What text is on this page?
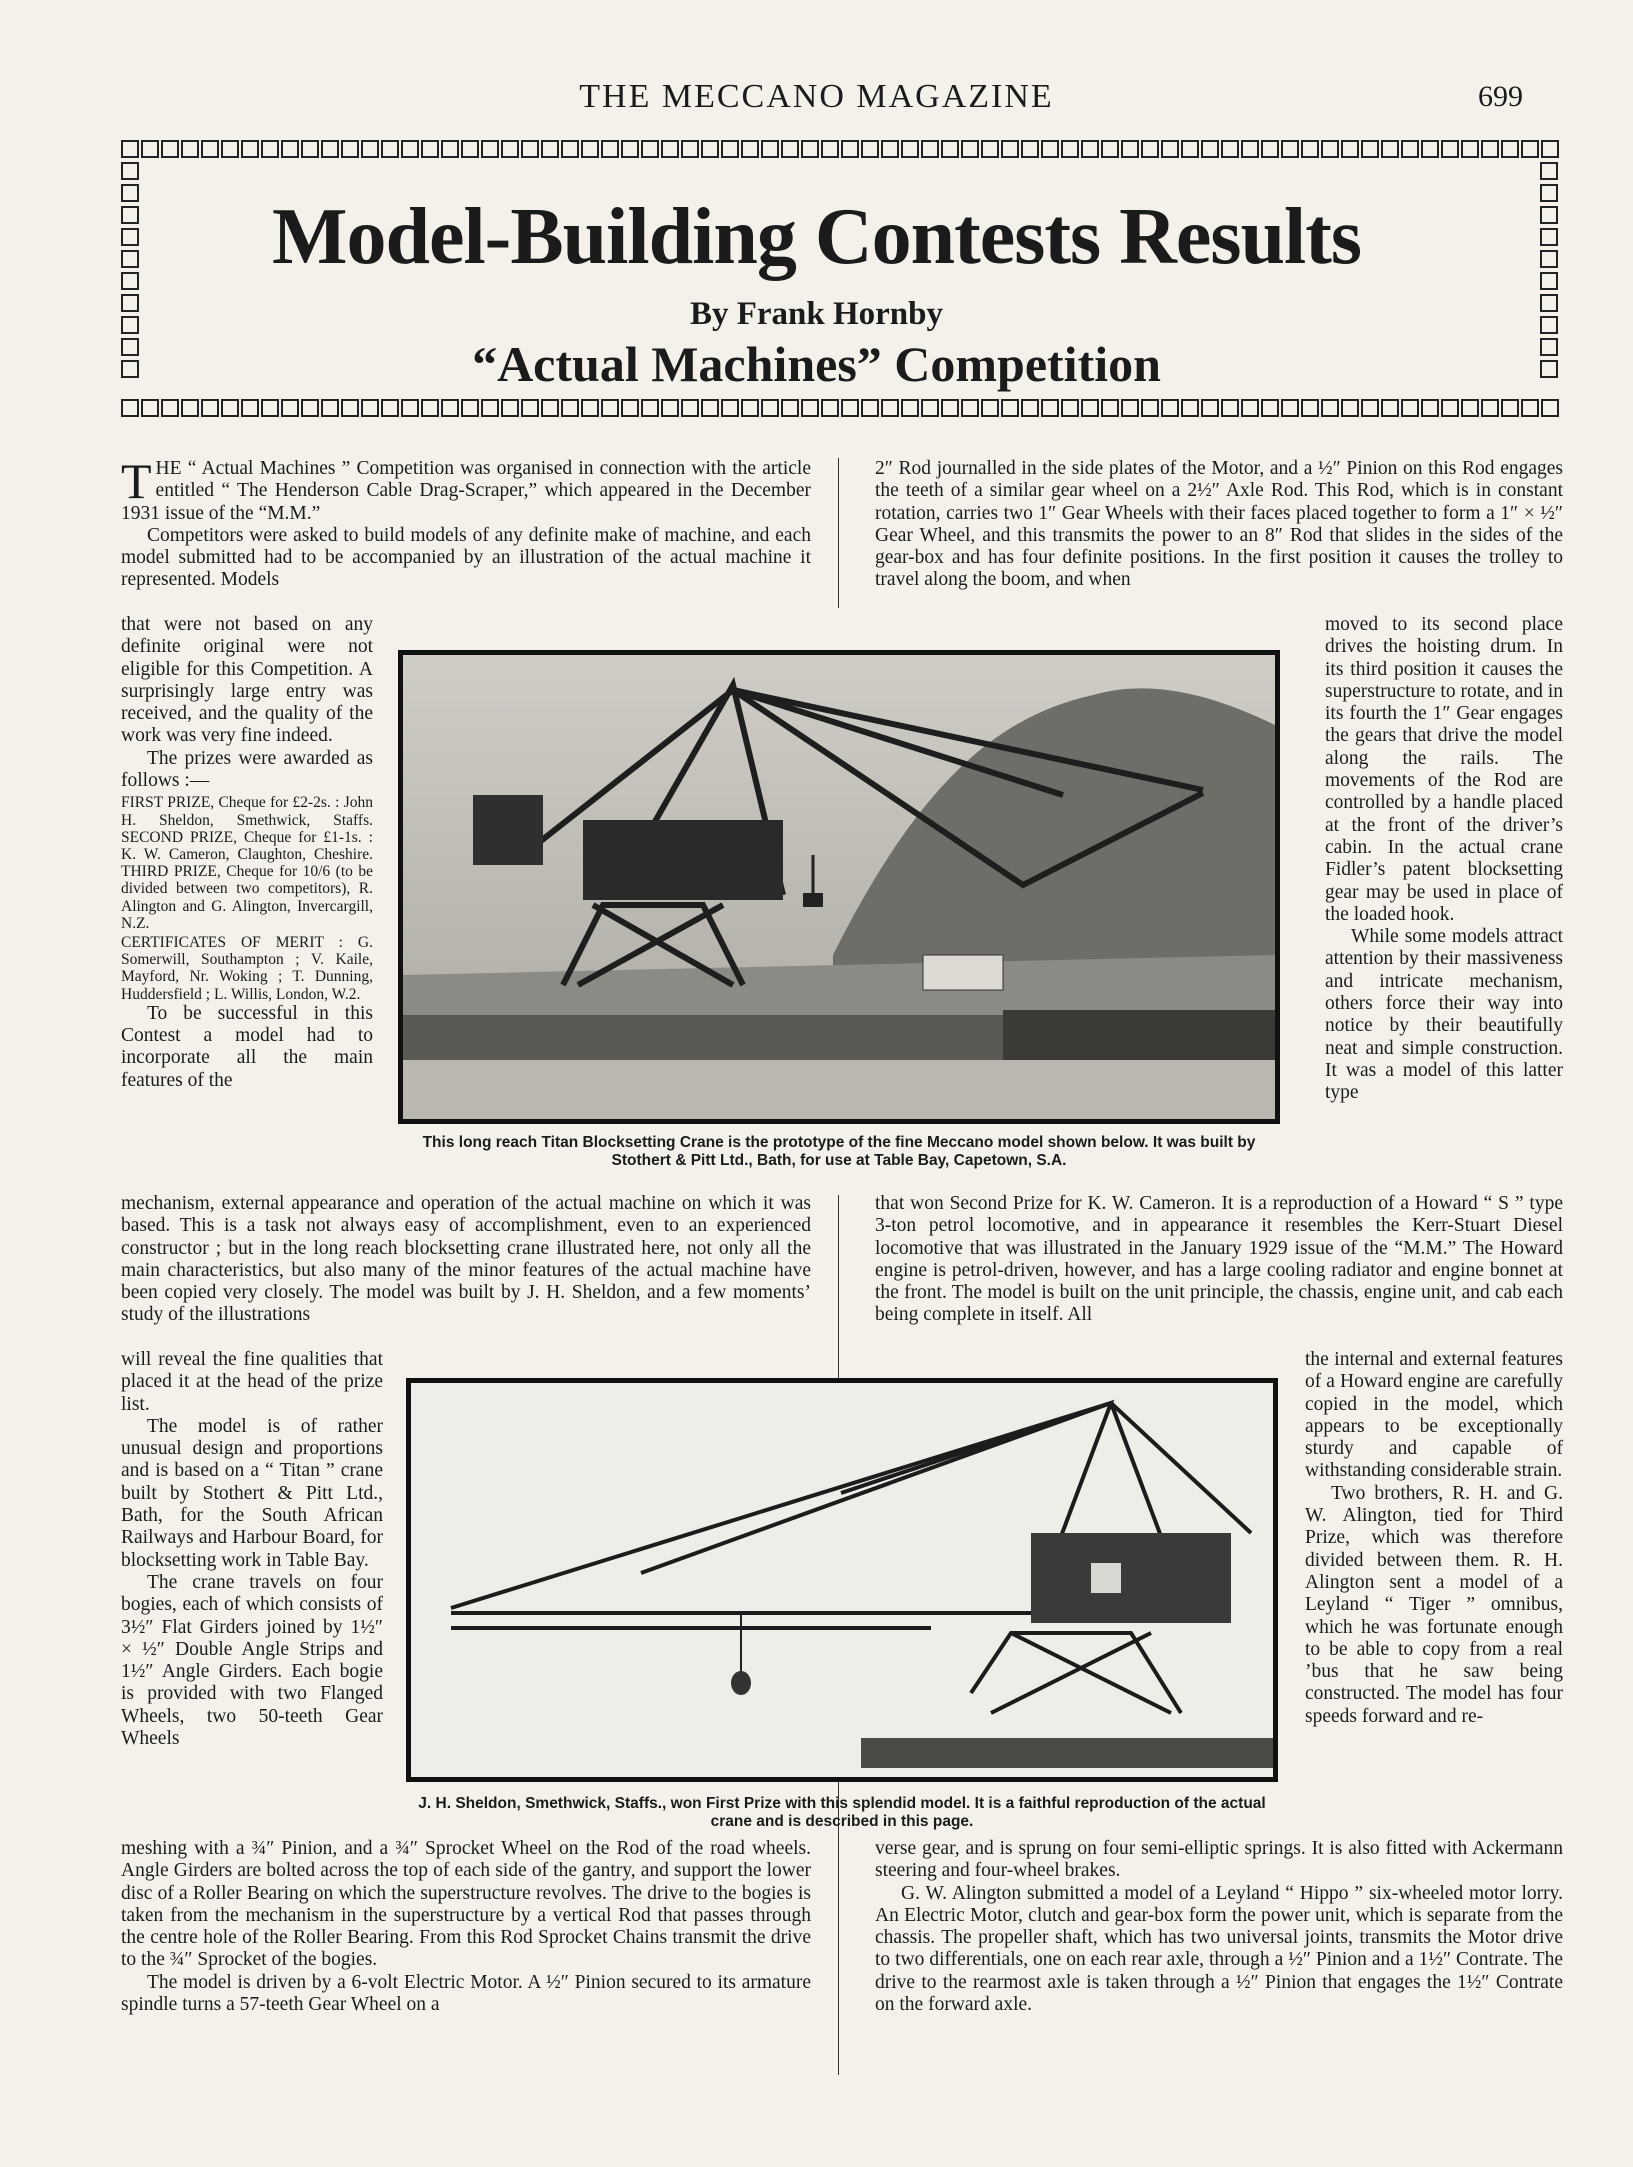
THE MECCANO MAGAZINE	699
Model-Building Contests Results
By Frank Hornby
“Actual Machines” Competition

THE “ Actual Machines ” Competition was organised in connection with the article entitled “ The Henderson Cable Drag-Scraper,” which appeared in the December 1931 issue of the “M.M.”

Competitors were asked to build models of any definite make of machine, and each model submitted had to be accompanied by an illustration of the actual machine it represented. Models

that were not based on any definite original were not eligible for this Competition. A surprisingly large entry was received, and the quality of the work was very fine indeed.

The prizes were awarded as follows :—

FIRST PRIZE, Cheque for £2-2s. : John H. Sheldon, Smethwick, Staffs. SECOND PRIZE, Cheque for £1-1s. : K. W. Cameron, Claughton, Cheshire. THIRD PRIZE, Cheque for 10/6 (to be divided between two competitors), R. Alington and G. Alington, Invercargill, N.Z.

CERTIFICATES OF MERIT : G. Somerwill, Southampton ; V. Kaile, Mayford, Nr. Woking ; T. Dunning, Huddersfield ; L. Willis, London, W.2.

To be successful in this Contest a model had to incorporate all the main features of the

2″ Rod journalled in the side plates of the Motor, and a ½″ Pinion on this Rod engages the teeth of a similar gear wheel on a 2½″ Axle Rod. This Rod, which is in constant rotation, carries two 1″ Gear Wheels with their faces placed together to form a 1″ × ½″ Gear Wheel, and this transmits the power to an 8″ Rod that slides in the sides of the gear-box and has four definite positions. In the first position it causes the trolley to travel along the boom, and when

moved to its second place drives the hoisting drum. In its third position it causes the superstructure to rotate, and in its fourth the 1″ Gear engages the gears that drive the model along the rails. The movements of the Rod are controlled by a handle placed at the front of the driver’s cabin. In the actual crane Fidler’s patent blocksetting gear may be used in place of the loaded hook.

While some models attract attention by their massiveness and intricate mechanism, others force their way into notice by their beautifully neat and simple construction. It was a model of this latter type

This long reach Titan Blocksetting Crane is the prototype of the fine Meccano model shown below. It was built by Stothert & Pitt Ltd., Bath, for use at Table Bay, Capetown, S.A.

mechanism, external appearance and operation of the actual machine on which it was based. This is a task not always easy of accomplishment, even to an experienced constructor ; but in the long reach blocksetting crane illustrated here, not only all the main characteristics, but also many of the minor features of the actual machine have been copied very closely. The model was built by J. H. Sheldon, and a few moments’ study of the illustrations

will reveal the fine qualities that placed it at the head of the prize list.

The model is of rather unusual design and proportions and is based on a “ Titan ” crane built by Stothert & Pitt Ltd., Bath, for the South African Railways and Harbour Board, for blocksetting work in Table Bay.

The crane travels on four bogies, each of which consists of 3½″ Flat Girders joined by 1½″ × ½″ Double Angle Strips and 1½″ Angle Girders. Each bogie is provided with two Flanged Wheels, two 50-teeth Gear Wheels

that won Second Prize for K. W. Cameron. It is a reproduction of a Howard “ S ” type 3-ton petrol locomotive, and in appearance it resembles the Kerr-Stuart Diesel locomotive that was illustrated in the January 1929 issue of the “M.M.” The Howard engine is petrol-driven, however, and has a large cooling radiator and engine bonnet at the front. The model is built on the unit principle, the chassis, engine unit, and cab each being complete in itself. All

the internal and external features of a Howard engine are carefully copied in the model, which appears to be exceptionally sturdy and capable of withstanding considerable strain.

Two brothers, R. H. and G. W. Alington, tied for Third Prize, which was therefore divided between them. R. H. Alington sent a model of a Leyland “ Tiger ” omnibus, which he was fortunate enough to be able to copy from a real ’bus that he saw being constructed. The model has four speeds forward and re-

J. H. Sheldon, Smethwick, Staffs., won First Prize with this splendid model. It is a faithful reproduction of the actual crane and is described in this page.

meshing with a ¾″ Pinion, and a ¾″ Sprocket Wheel on the Rod of the road wheels. Angle Girders are bolted across the top of each side of the gantry, and support the lower disc of a Roller Bearing on which the superstructure revolves. The drive to the bogies is taken from the mechanism in the superstructure by a vertical Rod that passes through the centre hole of the Roller Bearing. From this Rod Sprocket Chains transmit the drive to the ¾″ Sprocket of the bogies.

The model is driven by a 6-volt Electric Motor. A ½″ Pinion secured to its armature spindle turns a 57-teeth Gear Wheel on a

verse gear, and is sprung on four semi-elliptic springs. It is also fitted with Ackermann steering and four-wheel brakes.

G. W. Alington submitted a model of a Leyland “ Hippo ” six-wheeled motor lorry. An Electric Motor, clutch and gear-box form the power unit, which is separate from the chassis. The propeller shaft, which has two universal joints, transmits the Motor drive to two differentials, one on each rear axle, through a ½″ Pinion and a 1½″ Contrate. The drive to the rearmost axle is taken through a ½″ Pinion that engages the 1½″ Contrate on the forward axle.
